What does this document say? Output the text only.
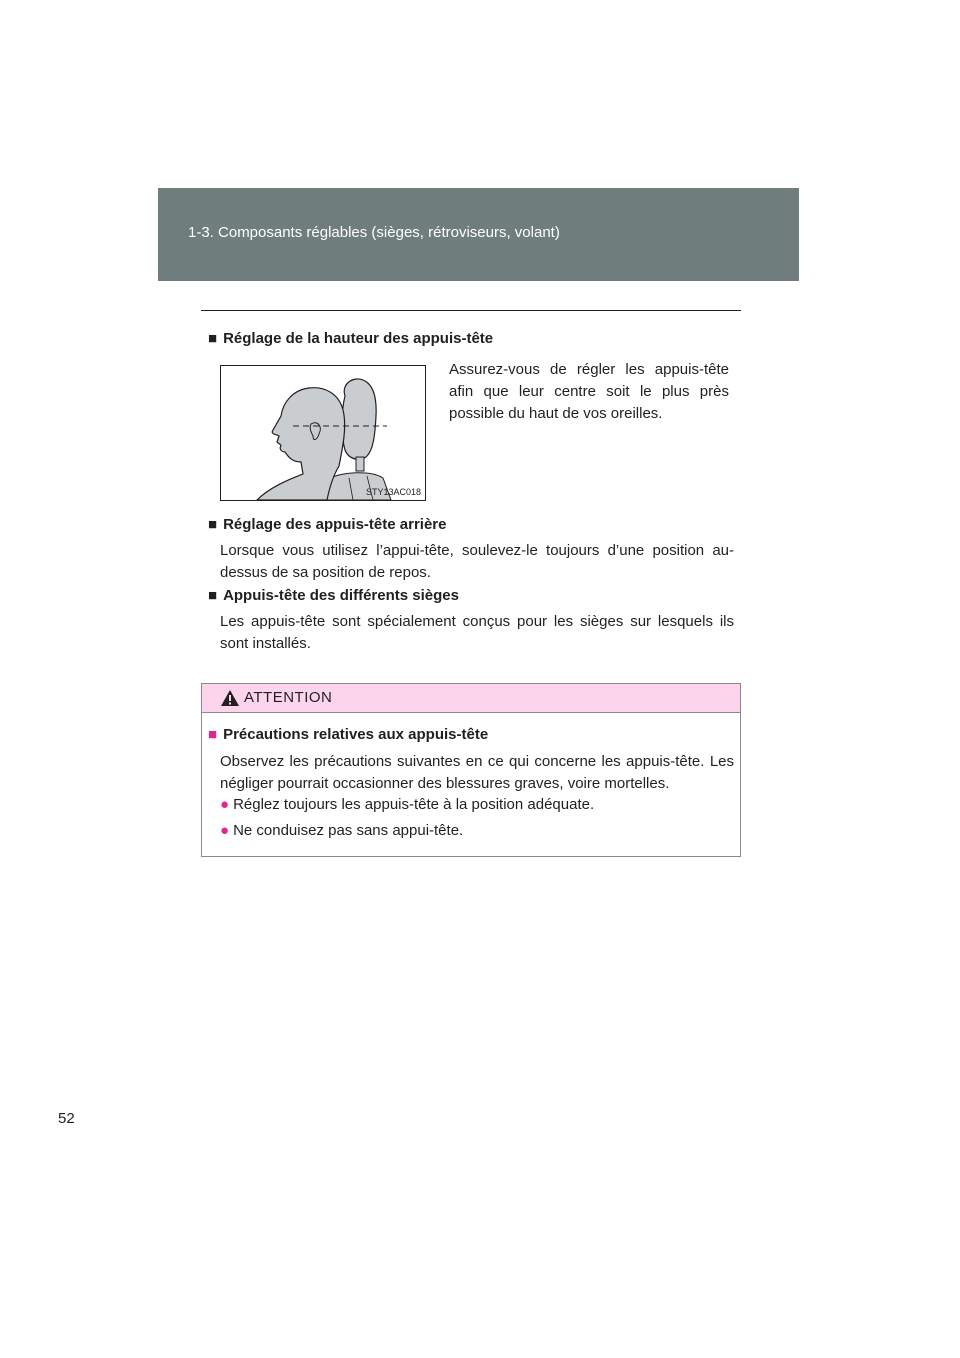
1-3. Composants réglables (sièges, rétroviseurs, volant)
■ Réglage de la hauteur des appuis-tête
STY13AC018
Assurez-vous de régler les appuis-tête afin que leur centre soit le plus près possible du haut de vos oreilles.
■ Réglage des appuis-tête arrière
Lorsque vous utilisez l’appui-tête, soulevez-le toujours d’une position au-dessus de sa position de repos.
■ Appuis-tête des différents sièges
Les appuis-tête sont spécialement conçus pour les sièges sur lesquels ils sont installés.
ATTENTION
■ Précautions relatives aux appuis-tête
Observez les précautions suivantes en ce qui concerne les appuis-tête. Les négliger pourrait occasionner des blessures graves, voire mortelles.
● Réglez toujours les appuis-tête à la position adéquate.
● Ne conduisez pas sans appui-tête.
52
